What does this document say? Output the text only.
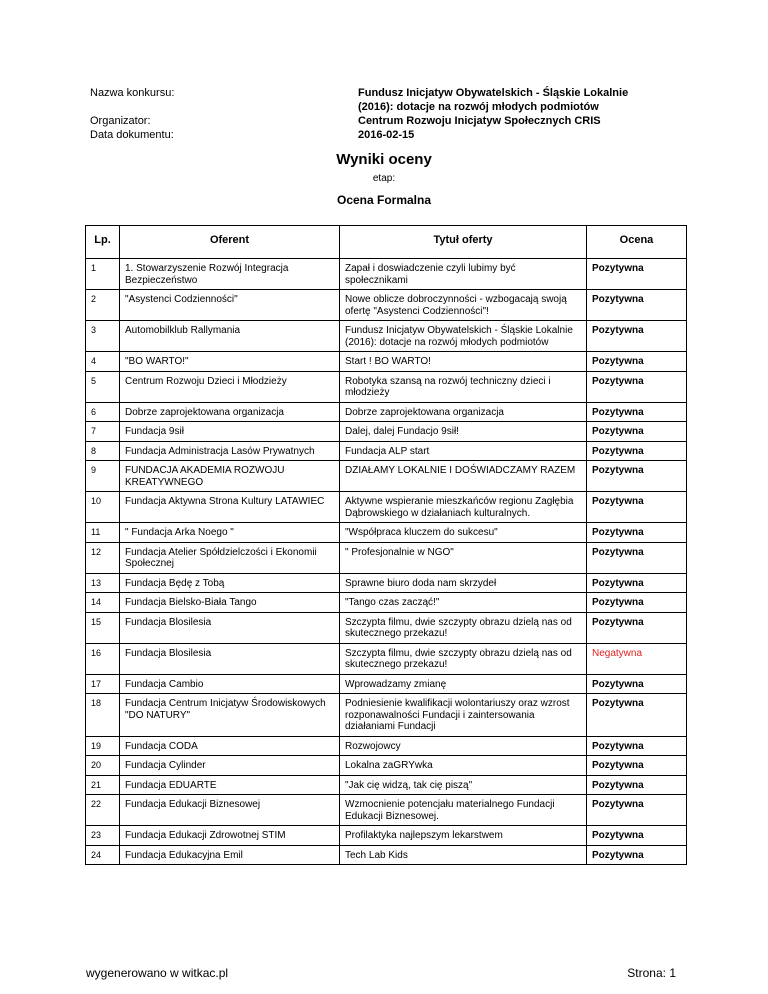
Nazwa konkursu:	Fundusz Inicjatyw Obywatelskich - Śląskie Lokalnie
(2016): dotacje na rozwój młodych podmiotów
Organizator:	Centrum Rozwoju Inicjatyw Społecznych CRIS
Data dokumentu:	2016-02-15
Wyniki oceny
etap:
Ocena Formalna
Lp.	Oferent	Tytuł oferty	Ocena
1	1. Stowarzyszenie Rozwój Integracja Bezpieczeństwo	Zapał i doswiadczenie czyli lubimy być społecznikami	Pozytywna
2	"Asystenci Codzienności"	Nowe oblicze dobroczynności - wzbogacają swoją ofertę "Asystenci Codzienności"!	Pozytywna
3	Automobilklub Rallymania	Fundusz Inicjatyw Obywatelskich - Śląskie Lokalnie (2016): dotacje na rozwój młodych podmiotów	Pozytywna
4	"BO WARTO!"	Start ! BO WARTO!	Pozytywna
5	Centrum Rozwoju Dzieci i Młodzieży	Robotyka szansą na rozwój techniczny dzieci i młodzieży	Pozytywna
6	Dobrze zaprojektowana organizacja	Dobrze zaprojektowana organizacja	Pozytywna
7	Fundacja 9sił	Dalej, dalej Fundacjo 9sił!	Pozytywna
8	Fundacja Administracja Lasów Prywatnych	Fundacja ALP start	Pozytywna
9	FUNDACJA AKADEMIA ROZWOJU KREATYWNEGO	DZIAŁAMY LOKALNIE I DOŚWIADCZAMY RAZEM	Pozytywna
10	Fundacja Aktywna Strona Kultury LATAWIEC	Aktywne wspieranie mieszkańców regionu Zagłębia Dąbrowskiego w działaniach kulturalnych.	Pozytywna
11	" Fundacja Arka Noego "	"Współpraca kluczem do sukcesu"	Pozytywna
12	Fundacja Atelier Spółdzielczości i Ekonomii Społecznej	" Profesjonalnie w NGO"	Pozytywna
13	Fundacja Będę z Tobą	Sprawne biuro doda nam skrzydeł	Pozytywna
14	Fundacja Bielsko-Biała Tango	"Tango czas zacząć!"	Pozytywna
15	Fundacja Blosilesia	Szczypta filmu, dwie szczypty obrazu dzielą nas od skutecznego przekazu!	Pozytywna
16	Fundacja Blosilesia	Szczypta filmu, dwie szczypty obrazu dzielą nas od skutecznego przekazu!	Negatywna
17	Fundacja Cambio	Wprowadzamy zmianę	Pozytywna
18	Fundacja Centrum Inicjatyw Środowiskowych "DO NATURY"	Podniesienie kwalifikacji wolontariuszy oraz wzrost rozponawalności Fundacji i zaintersowania działaniami Fundacji	Pozytywna
19	Fundacja CODA	Rozwojowcy	Pozytywna
20	Fundacja Cylinder	Lokalna zaGRYwka	Pozytywna
21	Fundacja EDUARTE	"Jak cię widzą, tak cię piszą"	Pozytywna
22	Fundacja Edukacji Biznesowej	Wzmocnienie potencjału materialnego Fundacji Edukacji Biznesowej.	Pozytywna
23	Fundacja Edukacji Zdrowotnej STIM	Profilaktyka najlepszym lekarstwem	Pozytywna
24	Fundacja Edukacyjna Emil	Tech Lab Kids	Pozytywna
wygenerowano w witkac.pl	Strona: 1
